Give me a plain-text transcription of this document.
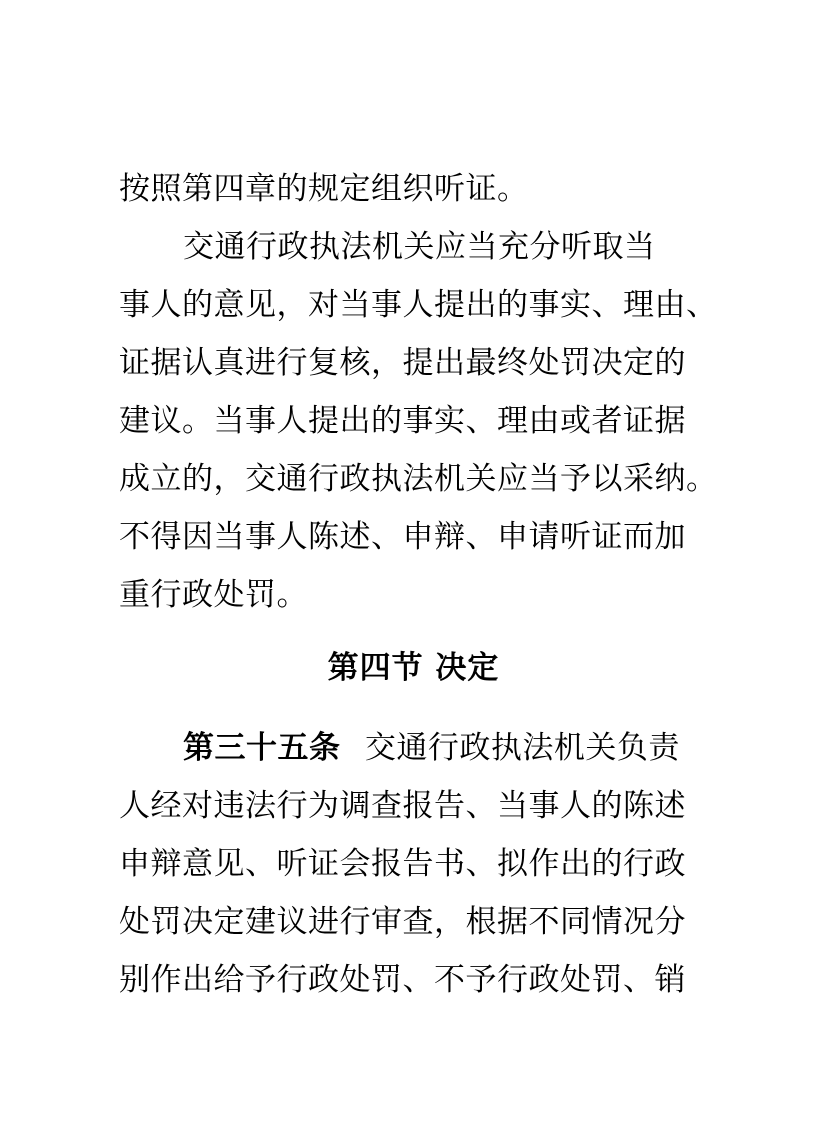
按照第四章的规定组织听证。
交通行政执法机关应当充分听取当
事人的意见，对当事人提出的事实、理由、
证据认真进行复核，提出最终处罚决定的
建议。当事人提出的事实、理由或者证据
成立的，交通行政执法机关应当予以采纳。
不得因当事人陈述、申辩、申请听证而加
重行政处罚。
第四节 决定
第三十五条 交通行政执法机关负责
人经对违法行为调查报告、当事人的陈述
申辩意见、听证会报告书、拟作出的行政
处罚决定建议进行审查，根据不同情况分
别作出给予行政处罚、不予行政处罚、销
